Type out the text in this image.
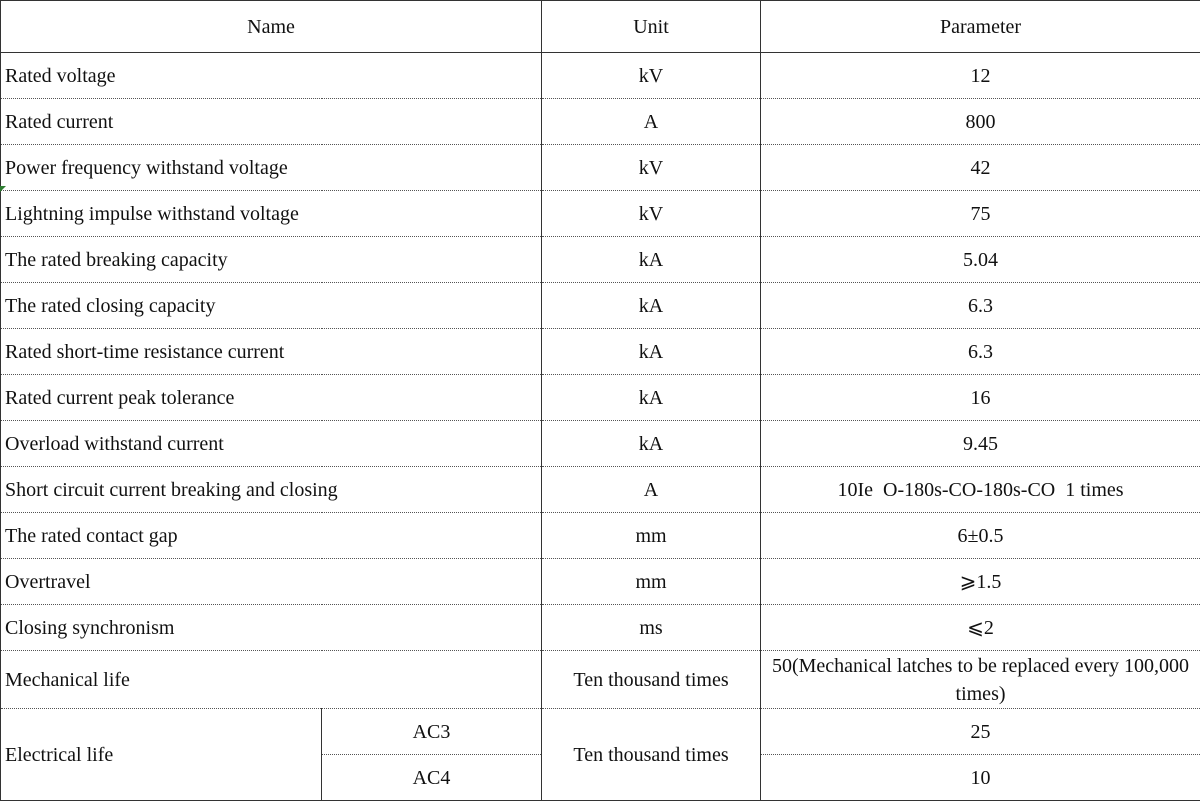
Name		Unit	Parameter
Rated voltage		kV	12
Rated current		A	800
Power frequency withstand voltage		kV	42
Lightning impulse withstand voltage		kV	75
The rated breaking capacity		kA	5.04
The rated closing capacity		kA	6.3
Rated short-time resistance current		kA	6.3
Rated current peak tolerance		kA	16
Overload withstand current		kA	9.45
Short circuit current breaking and closing		A	10Ie  O-180s-CO-180s-CO  1 times
The rated contact gap		mm	6±0.5
Overtravel		mm	⩾1.5
Closing synchronism		ms	⩽2
Mechanical life		Ten thousand times	50(Mechanical latches to be replaced every 100,000 times)
Electrical life	AC3	Ten thousand times	25
	AC4		10
